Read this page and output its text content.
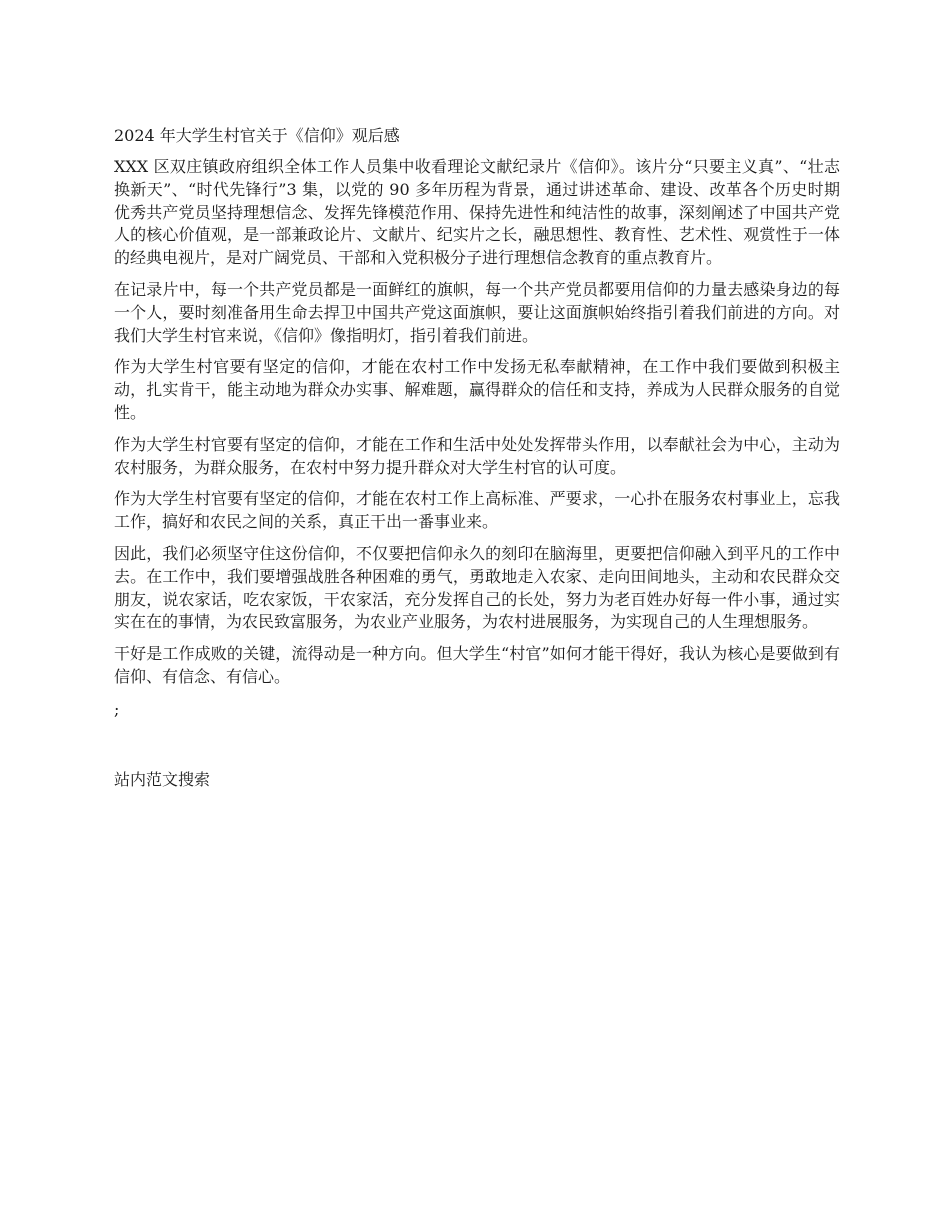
2024 年大学生村官关于《信仰》观后感

XXX 区双庄镇政府组织全体工作人员集中收看理论文献纪录片《信仰》。该片分“只要主义真”、“壮志换新天”、“时代先锋行”3 集，以党的 90 多年历程为背景，通过讲述革命、建设、改革各个历史时期优秀共产党员坚持理想信念、发挥先锋模范作用、保持先进性和纯洁性的故事，深刻阐述了中国共产党人的核心价值观，是一部兼政论片、文献片、纪实片之长，融思想性、教育性、艺术性、观赏性于一体的经典电视片，是对广阔党员、干部和入党积极分子进行理想信念教育的重点教育片。

在记录片中，每一个共产党员都是一面鲜红的旗帜，每一个共产党员都要用信仰的力量去感染身边的每一个人，要时刻准备用生命去捍卫中国共产党这面旗帜，要让这面旗帜始终指引着我们前进的方向。对我们大学生村官来说，《信仰》像指明灯，指引着我们前进。

作为大学生村官要有坚定的信仰，才能在农村工作中发扬无私奉献精神，在工作中我们要做到积极主动，扎实肯干，能主动地为群众办实事、解难题，赢得群众的信任和支持，养成为人民群众服务的自觉性。

作为大学生村官要有坚定的信仰，才能在工作和生活中处处发挥带头作用，以奉献社会为中心，主动为农村服务，为群众服务，在农村中努力提升群众对大学生村官的认可度。

作为大学生村官要有坚定的信仰，才能在农村工作上高标准、严要求，一心扑在服务农村事业上，忘我工作，搞好和农民之间的关系，真正干出一番事业来。

因此，我们必须坚守住这份信仰，不仅要把信仰永久的刻印在脑海里，更要把信仰融入到平凡的工作中去。在工作中，我们要增强战胜各种困难的勇气，勇敢地走入农家、走向田间地头，主动和农民群众交朋友，说农家话，吃农家饭，干农家活，充分发挥自己的长处，努力为老百姓办好每一件小事，通过实实在在的事情，为农民致富服务，为农业产业服务，为农村进展服务，为实现自己的人生理想服务。

干好是工作成败的关键，流得动是一种方向。但大学生“村官”如何才能干得好，我认为核心是要做到有信仰、有信念、有信心。

;
站内范文搜索
